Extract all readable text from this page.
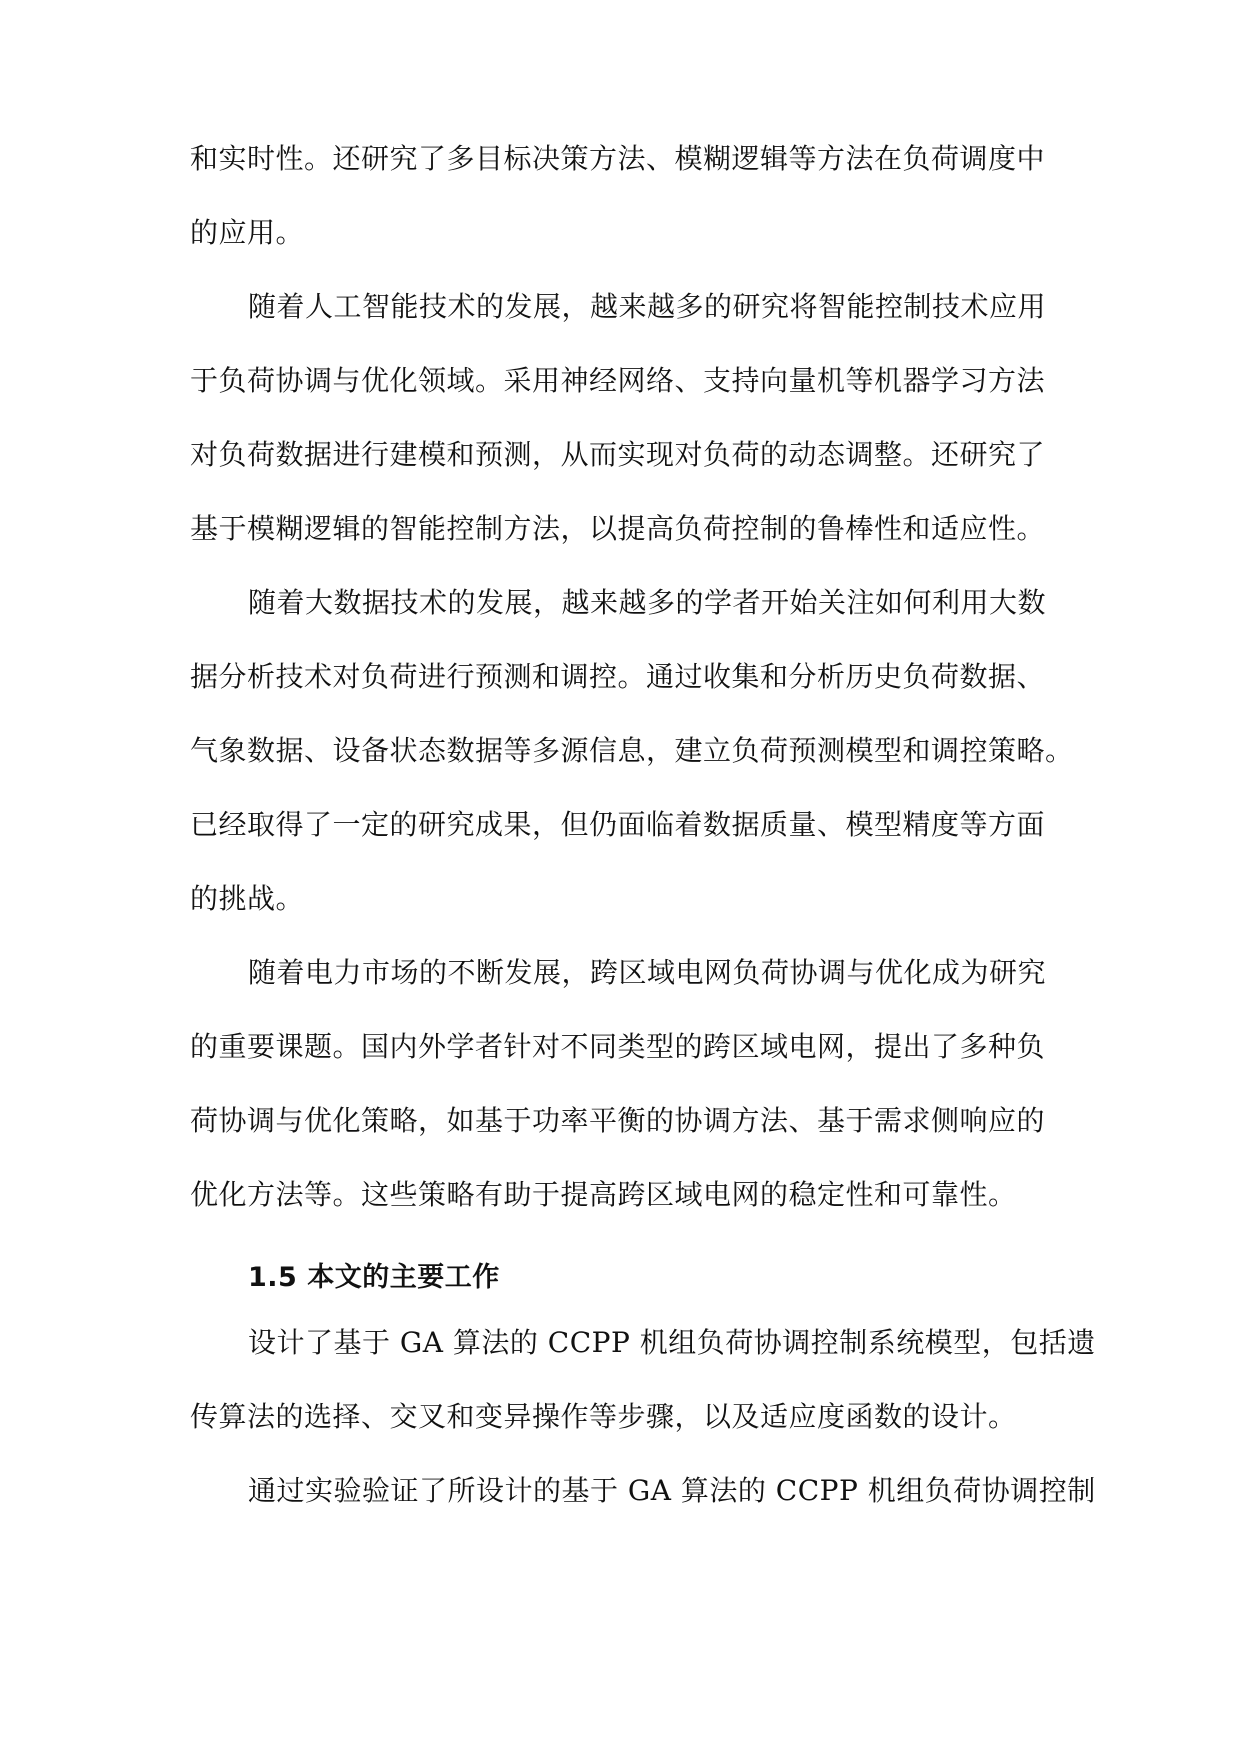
和实时性。还研究了多目标决策方法、模糊逻辑等方法在负荷调度中
的应用。
随着人工智能技术的发展，越来越多的研究将智能控制技术应用
于负荷协调与优化领域。采用神经网络、支持向量机等机器学习方法
对负荷数据进行建模和预测，从而实现对负荷的动态调整。还研究了
基于模糊逻辑的智能控制方法，以提高负荷控制的鲁棒性和适应性。
随着大数据技术的发展，越来越多的学者开始关注如何利用大数
据分析技术对负荷进行预测和调控。通过收集和分析历史负荷数据、
气象数据、设备状态数据等多源信息，建立负荷预测模型和调控策略。
已经取得了一定的研究成果，但仍面临着数据质量、模型精度等方面
的挑战。
随着电力市场的不断发展，跨区域电网负荷协调与优化成为研究
的重要课题。国内外学者针对不同类型的跨区域电网，提出了多种负
荷协调与优化策略，如基于功率平衡的协调方法、基于需求侧响应的
优化方法等。这些策略有助于提高跨区域电网的稳定性和可靠性。
1.5 本文的主要工作
设计了基于 GA 算法的 CCPP 机组负荷协调控制系统模型，包括遗
传算法的选择、交叉和变异操作等步骤，以及适应度函数的设计。
通过实验验证了所设计的基于 GA 算法的 CCPP 机组负荷协调控制
